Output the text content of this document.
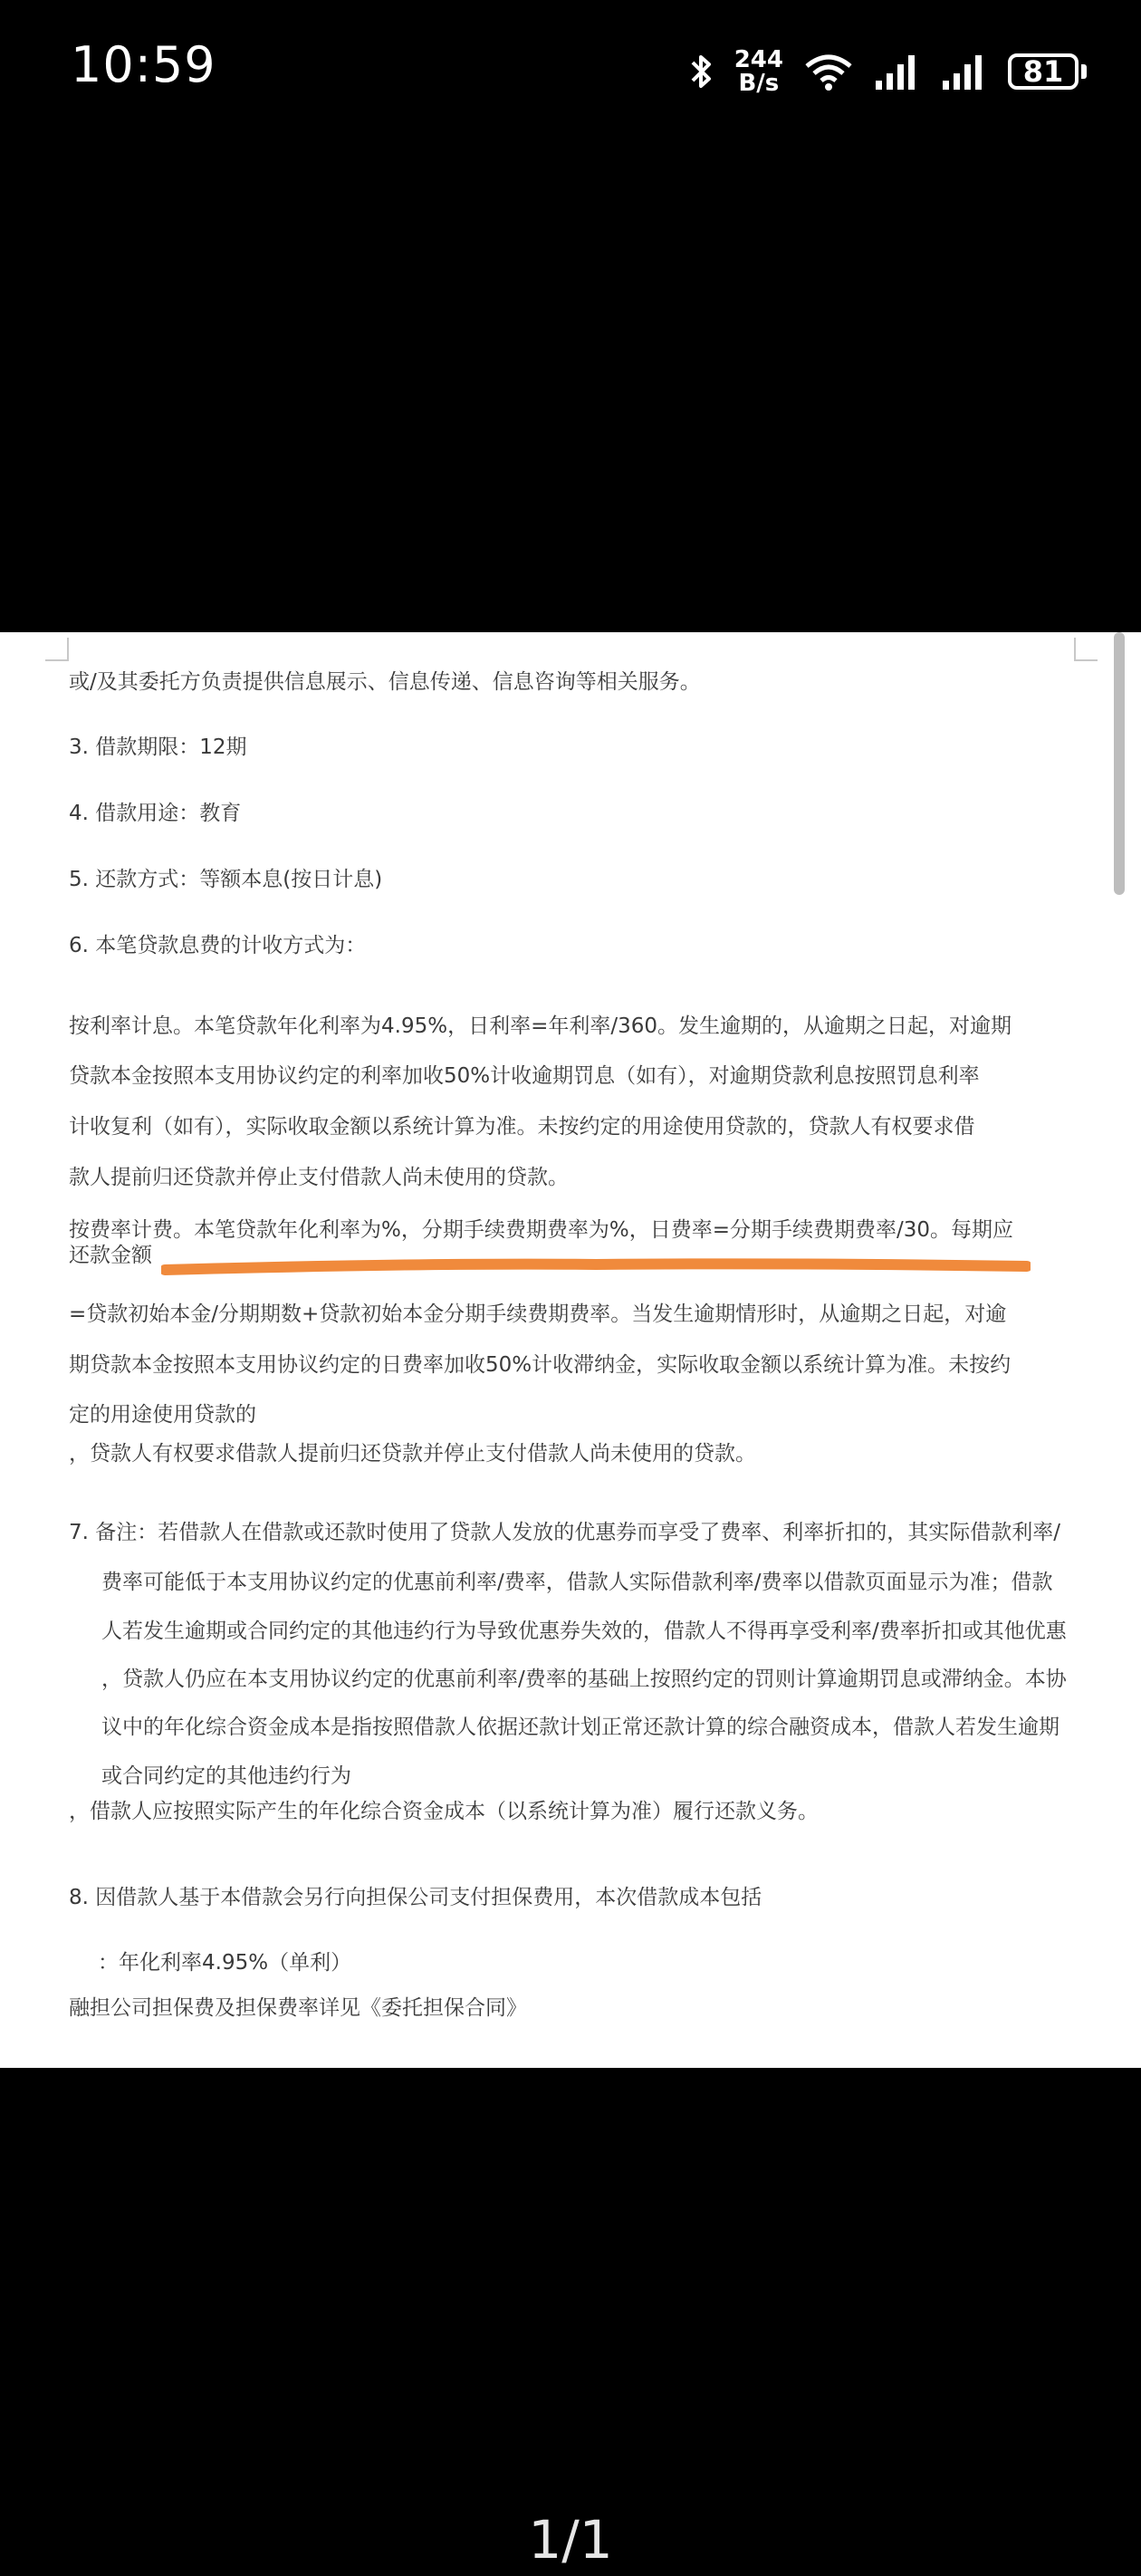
10:59	244
B/s	81
或/及其委托方负责提供信息展示、信息传递、信息咨询等相关服务。
3. 借款期限：12期
4. 借款用途：教育
5. 还款方式：等额本息(按日计息)
6. 本笔贷款息费的计收方式为：
按利率计息。本笔贷款年化利率为4.95%，日利率=年利率/360。发生逾期的，从逾期之日起，对逾期
贷款本金按照本支用协议约定的利率加收50%计收逾期罚息（如有），对逾期贷款利息按照罚息利率
计收复利（如有），实际收取金额以系统计算为准。未按约定的用途使用贷款的，贷款人有权要求借
款人提前归还贷款并停止支付借款人尚未使用的贷款。
按费率计费。本笔贷款年化利率为%，分期手续费期费率为%，日费率=分期手续费期费率/30。每期应
还款金额
=贷款初始本金/分期期数+贷款初始本金分期手续费期费率。当发生逾期情形时，从逾期之日起，对逾
期贷款本金按照本支用协议约定的日费率加收50%计收滞纳金，实际收取金额以系统计算为准。未按约
定的用途使用贷款的
，贷款人有权要求借款人提前归还贷款并停止支付借款人尚未使用的贷款。
7. 备注：若借款人在借款或还款时使用了贷款人发放的优惠券而享受了费率、利率折扣的，其实际借款利率/
费率可能低于本支用协议约定的优惠前利率/费率，借款人实际借款利率/费率以借款页面显示为准；借款
人若发生逾期或合同约定的其他违约行为导致优惠券失效的，借款人不得再享受利率/费率折扣或其他优惠
，贷款人仍应在本支用协议约定的优惠前利率/费率的基础上按照约定的罚则计算逾期罚息或滞纳金。本协
议中的年化综合资金成本是指按照借款人依据还款计划正常还款计算的综合融资成本，借款人若发生逾期
或合同约定的其他违约行为
，借款人应按照实际产生的年化综合资金成本（以系统计算为准）履行还款义务。
8. 因借款人基于本借款会另行向担保公司支付担保费用，本次借款成本包括
：年化利率4.95%（单利）
融担公司担保费及担保费率详见《委托担保合同》
1/1
